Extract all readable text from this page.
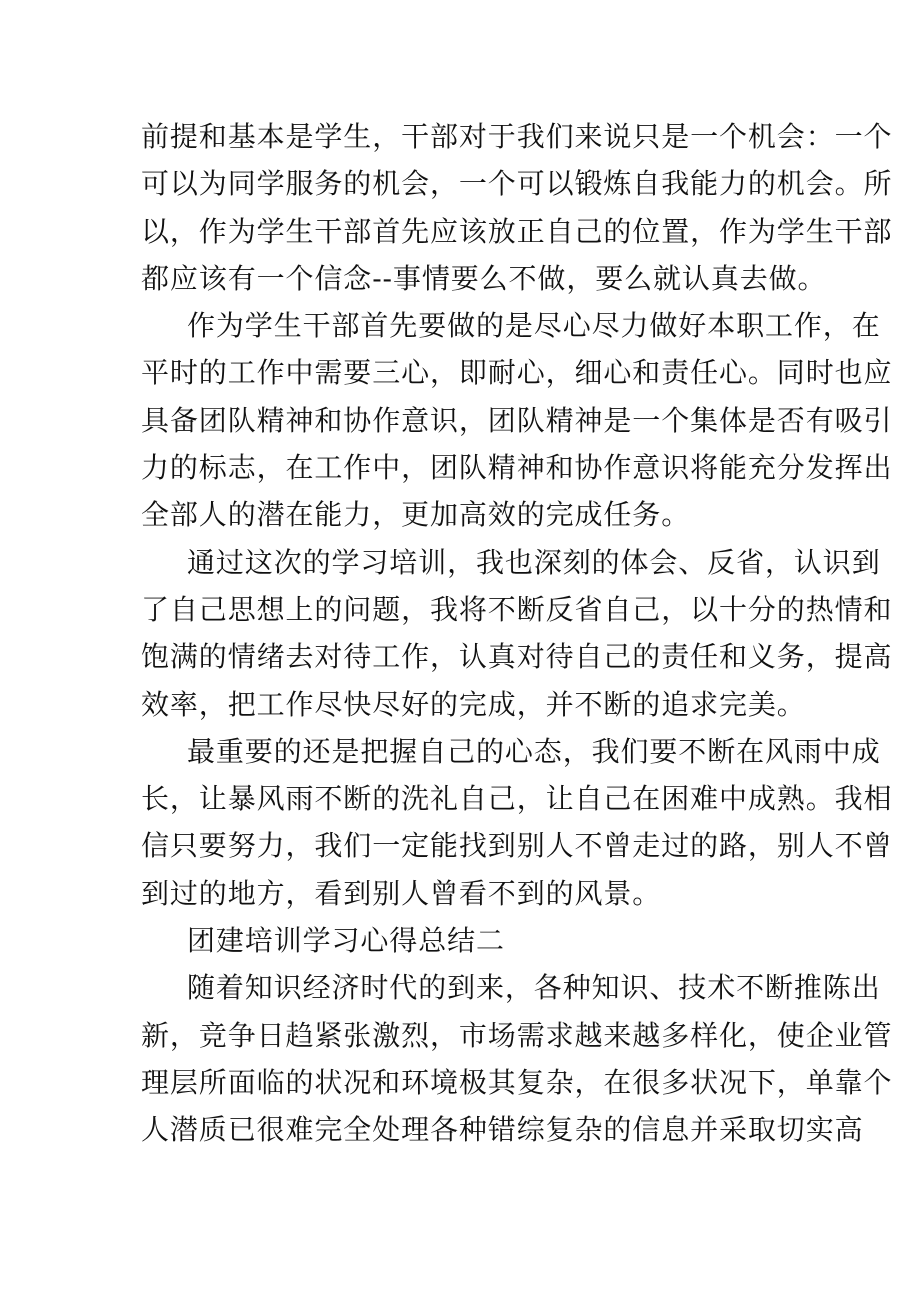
前提和基本是学生，干部对于我们来说只是一个机会：一个
可以为同学服务的机会，一个可以锻炼自我能力的机会。所
以，作为学生干部首先应该放正自己的位置，作为学生干部
都应该有一个信念--事情要么不做，要么就认真去做。
作为学生干部首先要做的是尽心尽力做好本职工作，在
平时的工作中需要三心，即耐心，细心和责任心。同时也应
具备团队精神和协作意识，团队精神是一个集体是否有吸引
力的标志，在工作中，团队精神和协作意识将能充分发挥出
全部人的潜在能力，更加高效的完成任务。
通过这次的学习培训，我也深刻的体会、反省，认识到
了自己思想上的问题，我将不断反省自己，以十分的热情和
饱满的情绪去对待工作，认真对待自己的责任和义务，提高
效率，把工作尽快尽好的完成，并不断的追求完美。
最重要的还是把握自己的心态，我们要不断在风雨中成
长，让暴风雨不断的洗礼自己，让自己在困难中成熟。我相
信只要努力，我们一定能找到别人不曾走过的路，别人不曾
到过的地方，看到别人曾看不到的风景。
团建培训学习心得总结二
随着知识经济时代的到来，各种知识、技术不断推陈出
新，竞争日趋紧张激烈，市场需求越来越多样化，使企业管
理层所面临的状况和环境极其复杂，在很多状况下，单靠个
人潜质已很难完全处理各种错综复杂的信息并采取切实高
